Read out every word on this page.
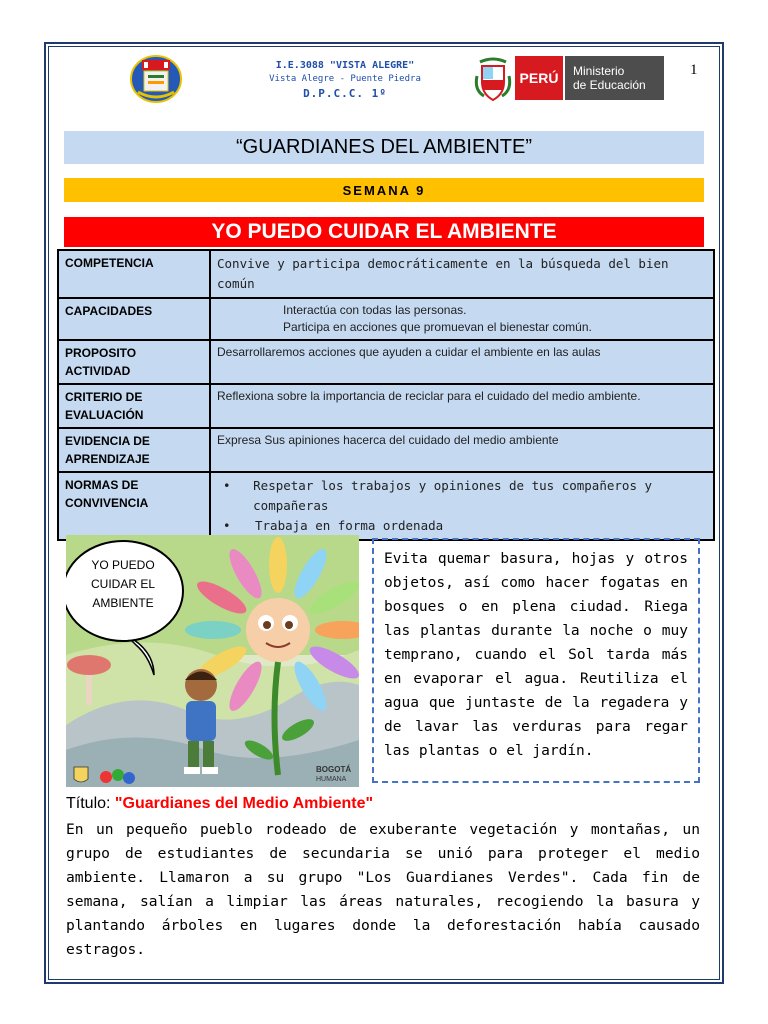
1
I.E.3088 "VISTA ALEGRE"
Vista Alegre - Puente Piedra
D.P.C.C. 1º
PERÚ	Ministerio
de Educación
“GUARDIANES DEL AMBIENTE”
SEMANA 9
YO PUEDO CUIDAR EL AMBIENTE
COMPETENCIA	Convive y participa democráticamente en la búsqueda del bien común
CAPACIDADES	Interactúa con todas las personas.
Participa en acciones que promuevan el bienestar común.

PROPOSITO ACTIVIDAD	Desarrollaremos acciones que ayuden a cuidar el ambiente en las aulas
CRITERIO DE EVALUACIÓN	Reflexiona sobre la importancia de reciclar para el cuidado del medio ambiente.
EVIDENCIA DE APRENDIZAJE	Expresa Sus apiniones hacerca del cuidado del medio ambiente
NORMAS DE CONVIVENCIA	• Respetar los trabajos y opiniones de tus compañeros y compañeras
• Trabaja en forma ordenada
YO PUEDO
CUIDAR EL
AMBIENTE
BOGOTÁ
HUMANA
Evita quemar basura, hojas y otros objetos, así como hacer fogatas en bosques o en plena ciudad. Riega las plantas durante la noche o muy temprano, cuando el Sol tarda más en evaporar el agua. Reutiliza el agua que juntaste de la regadera y de lavar las verduras para regar las plantas o el jardín.
Título: "Guardianes del Medio Ambiente"
En un pequeño pueblo rodeado de exuberante vegetación y montañas, un grupo de estudiantes de secundaria se unió para proteger el medio ambiente. Llamaron a su grupo "Los Guardianes Verdes". Cada fin de semana, salían a limpiar las áreas naturales, recogiendo la basura y plantando árboles en lugares donde la deforestación había causado estragos.
